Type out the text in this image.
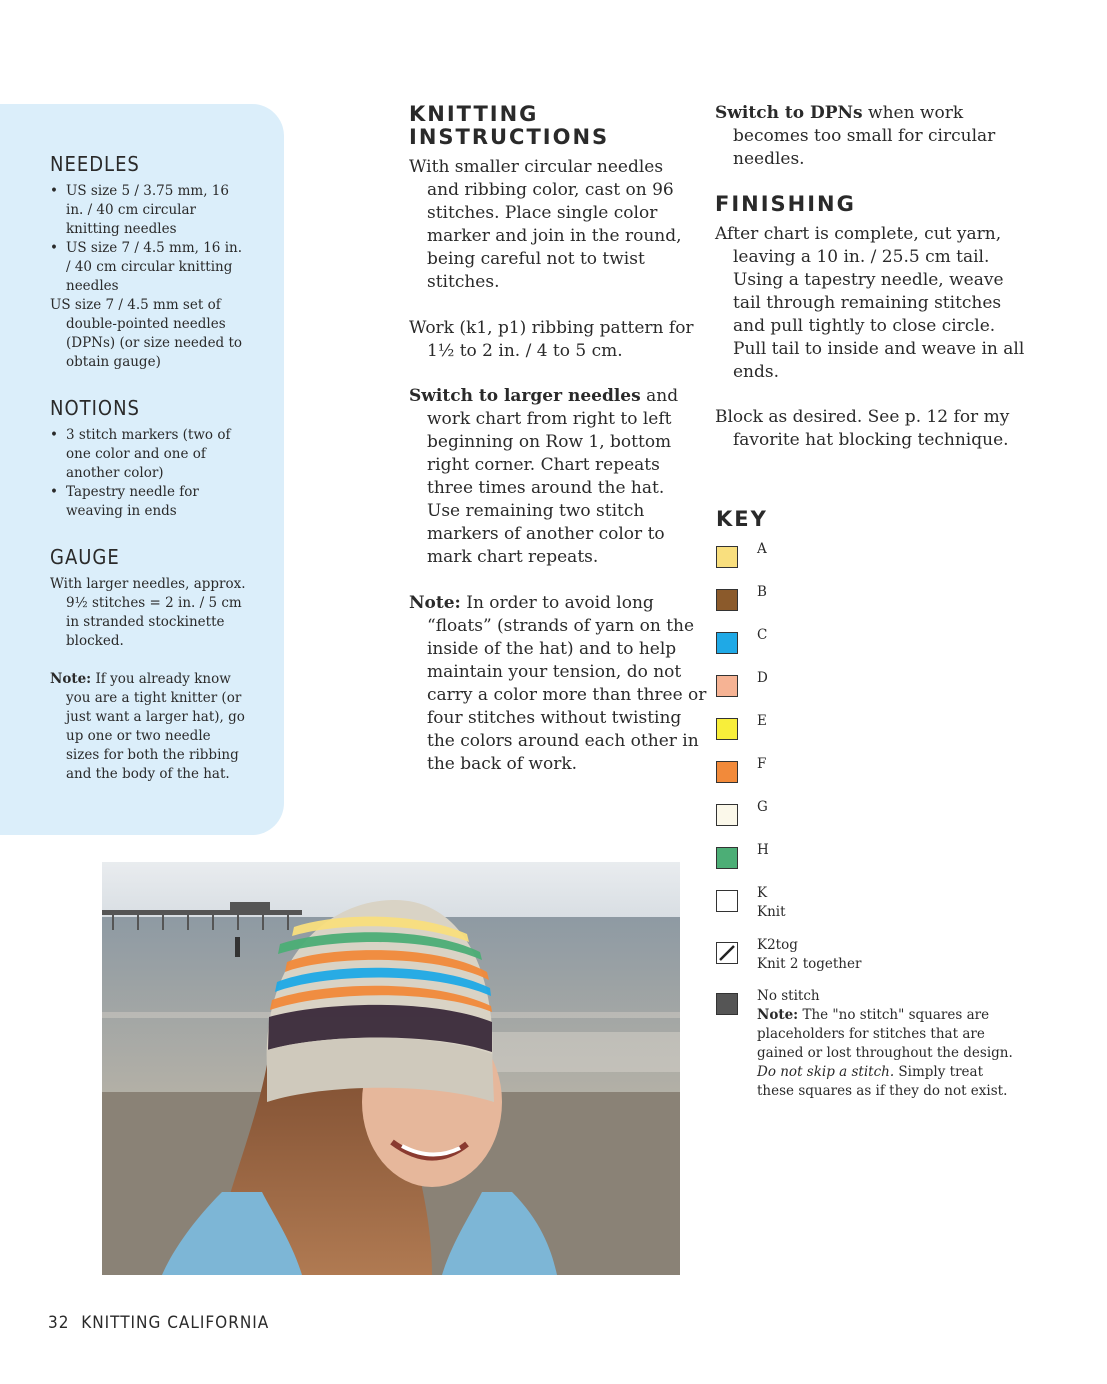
NEEDLES
• US size 5 / 3.75 mm, 16 in. / 40 cm circular knitting needles
• US size 7 / 4.5 mm, 16 in. / 40 cm circular knitting needles
US size 7 / 4.5 mm set of double-pointed needles (DPNs) (or size needed to obtain gauge)
NOTIONS
• 3 stitch markers (two of one color and one of another color)
• Tapestry needle for weaving in ends
GAUGE

With larger needles, approx. 9½ stitches = 2 in. / 5 cm in stranded stockinette blocked.

Note: If you already know you are a tight knitter (or just want a larger hat), go up one or two needle sizes for both the ribbing and the body of the hat.

KNITTING
INSTRUCTIONS

With smaller circular needles and ribbing color, cast on 96 stitches. Place single color marker and join in the round, being careful not to twist stitches.

Work (k1, p1) ribbing pattern for 1½ to 2 in. / 4 to 5 cm.

Switch to larger needles and work chart from right to left beginning on Row 1, bottom right corner. Chart repeats three times around the hat. Use remaining two stitch markers of another color to mark chart repeats.

Note: In order to avoid long “floats” (strands of yarn on the inside of the hat) and to help maintain your tension, do not carry a color more than three or four stitches without twisting the colors around each other in the back of work.

Switch to DPNs when work becomes too small for circular needles.

FINISHING

After chart is complete, cut yarn, leaving a 10 in. / 25.5 cm tail. Using a tapestry needle, weave tail through remaining stitches and pull tightly to close circle. Pull tail to inside and weave in all ends.

Block as desired. See p. 12 for my favorite hat blocking technique.

KEY
A
B
C
D
E
F
G
H
K
Knit
K2tog
Knit 2 together
No stitch
Note: The "no stitch" squares are placeholders for stitches that are gained or lost throughout the design. Do not skip a stitch. Simply treat these squares as if they do not exist.
32 KNITTING CALIFORNIA
